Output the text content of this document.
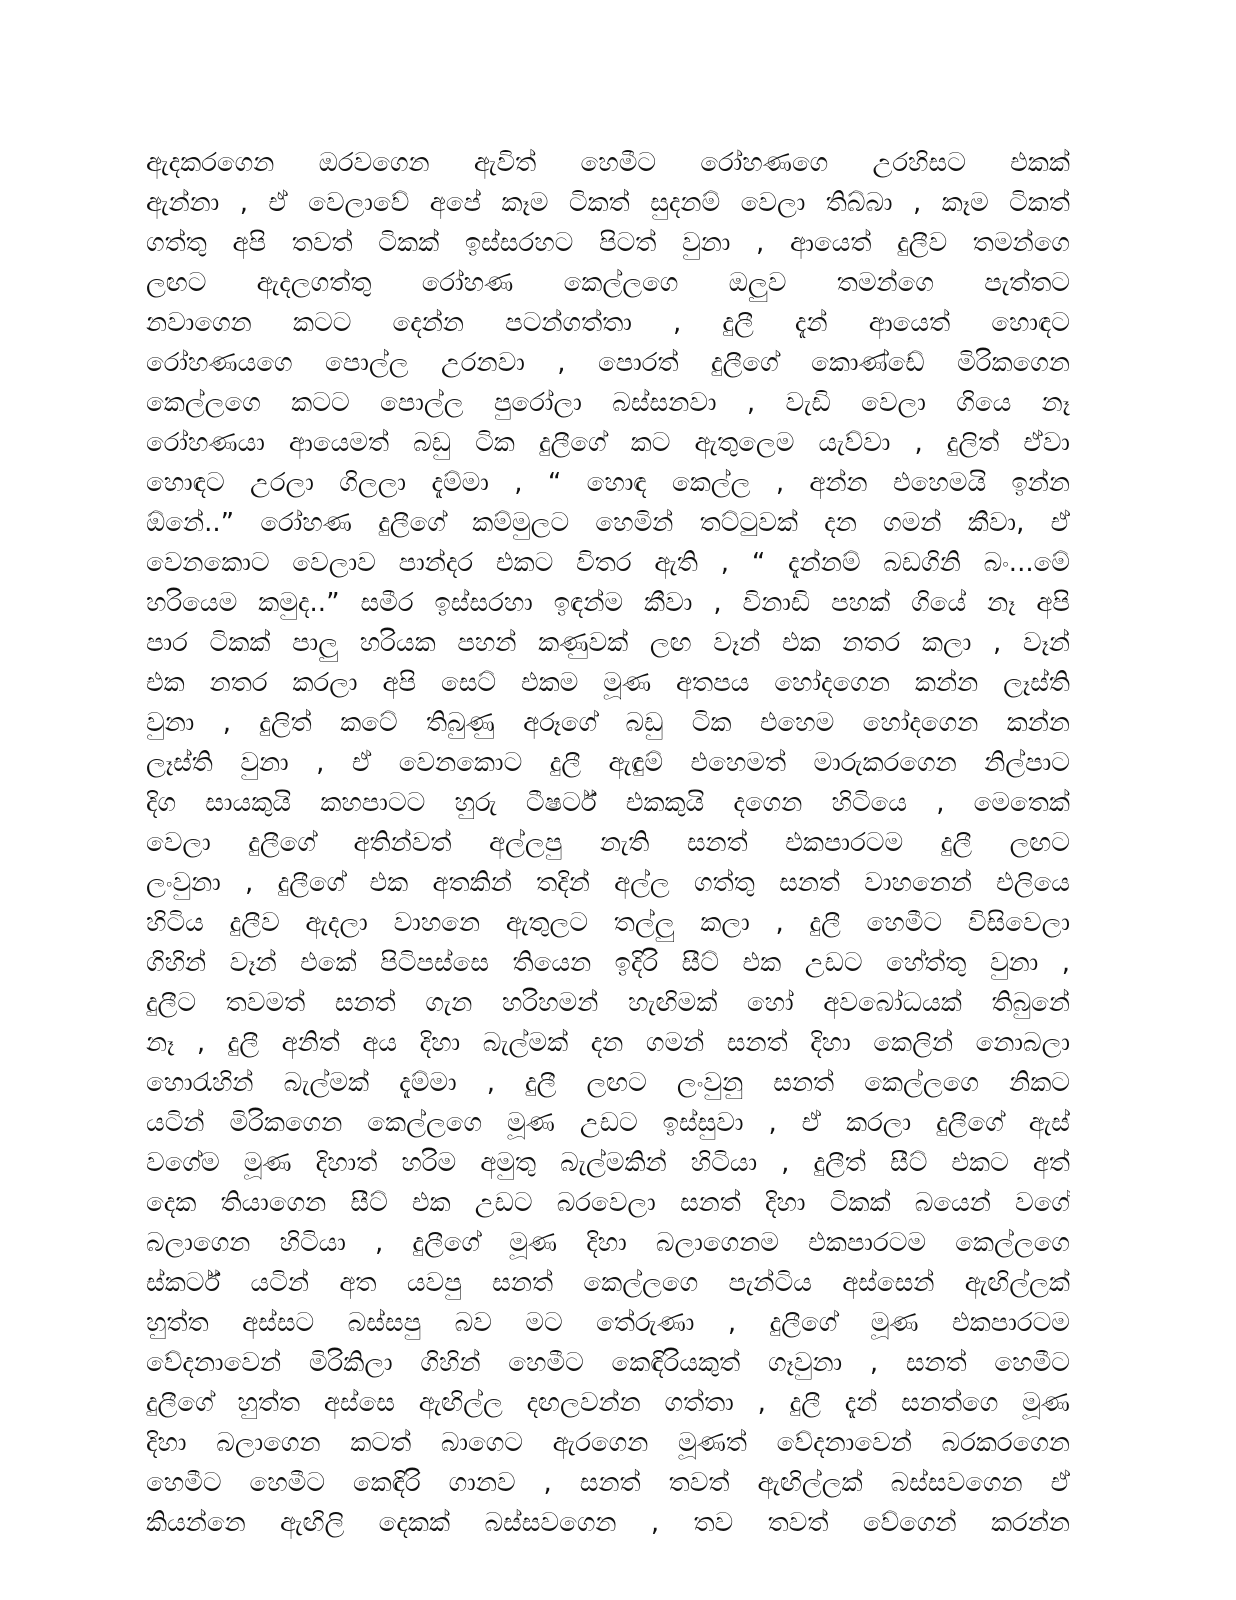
ඇදකරගෙන ඔරවගෙන ඇවිත් හෙමීට රෝහණගෙ උරහිසට එකක්
ඇන්නා , ඒ වෙලාවේ අපේ කෑම ටිකත් සුදනම් වෙලා තිබ්බා , කෑම ටිකත්
ගත්තු අපි තවත් ටිකක් ඉස්සරහට පිටත් වුනා , ආයෙත් දුලීව තමන්ගෙ
ලඟට ඇදලගත්තු රෝහණ කෙල්ලගෙ ඔලුව තමන්ගෙ පැත්තට
නවාගෙන කටට දෙන්න පටන්ගත්තා , දුලී දැන් ආයෙත් හොඳට
රෝහණයගෙ පොල්ල උරනවා , පොරත් දුලීගේ කොණ්ඩේ මිරිකගෙන
කෙල්ලගෙ කටට පොල්ල පුරෝලා බස්සනවා , වැඩි වෙලා ගියෙ නෑ
රෝහණයා ආයෙමත් බඩු ටික දුලීගේ කට ඇතුලෙම යැව්වා , දුලිත් ඒවා
හොඳට උරලා ගිලලා දැම්මා , “ හොඳ කෙල්ල , අන්න එහෙමයි ඉන්න
ඕනේ..” රෝහණ දුලීගේ කම්මුලට හෙමින් තට්ටුවක් දන ගමන් කීවා, ඒ
වෙනකොට වෙලාව පාන්දර එකට විතර ඇති , “ දැන්නම් බඩගිනි බං...මේ
හරියෙම කමුද..” සමීර ඉස්සරහා ඉඳන්ම කීවා , විනාඩි පහක් ගියේ නෑ අපි
පාර ටිකක් පාලු හරියක පහන් කණුවක් ලඟ වෑන් එක නතර කලා , වෑන්
එක නතර කරලා අපි සෙට් එකම මූණ අතපය හෝදගෙන කන්න ලෑස්ති
වුනා , දුලිත් කටේ තිබුණු අරූගේ බඩු ටික එහෙම හෝදගෙන කන්න
ලෑස්ති වුනා , ඒ වෙනකොට දුලී ඇඳුම් එහෙමත් මාරුකරගෙන නිල්පාට
දිග සායකුයි කහපාටට හුරු ටීෂර්ට් එකකුයි දගෙන හිටියෙ , මෙතෙක්
වෙලා දුලීගේ අතින්වත් අල්ලපු නැති සනත් එකපාරටම දුලී ලඟට
ලංවුනා , දුලීගේ එක අතකින් තදින් අල්ල ගත්තු සනත් වාහනෙන් එලියෙ
හිටිය දුලීව ඇදලා වාහනෙ ඇතුලට තල්ලු කලා , දුලී හෙමීට විසිවෙලා
ගිහින් වෑන් එකේ පිටිපස්සෙ තියෙන ඉදිරි සීට් එක උඩට හේත්තු වුනා ,
දුලීට තවමත් සනත් ගැන හරිහමන් හැඟිමක් හෝ අවබෝධයක් තිබුනේ
නෑ , දුලී අනිත් අය දිහා බැල්මක් දන ගමන් සනත් දිහා කෙලින් නොබලා
හොරැහින් බැල්මක් දැම්මා , දුලී ලඟට ලංවුනු සනත් කෙල්ලගෙ නිකට
යටින් මිරිකගෙන කෙල්ලගෙ මූණ උඩට ඉස්සුවා , ඒ කරලා දුලීගේ ඇස්
වගේම මූණ දිහාත් හරිම අමුතු බැල්මකින් හිටියා , දුලීත් සීට් එකට අත්
දෙක තියාගෙන සීට් එක උඩට බරවෙලා සනත් දිහා ටිකක් බයෙන් වගේ
බලාගෙන හිටියා , දුලීගේ මූණ දිහා බලාගෙනම එකපාරටම කෙල්ලගෙ
ස්කර්ට් යටින් අත යවපු සනත් කෙල්ලගෙ පැන්ටිය අස්සෙන් ඇඟිල්ලක්
හුත්ත අස්සට බස්සපු බව මට තේරුණා , දුලීගේ මූණ එකපාරටම
වේදනාවෙන් මිරිකිලා ගිහින් හෙමීට කෙඳිරියකුත් ගෑවුනා , සනත් හෙමීට
දුලීගේ හුත්ත අස්සෙ ඇඟිල්ල දඟලවන්න ගත්තා , දුලී දැන් සනත්ගෙ මූණ
දිහා බලාගෙන කටත් බාගෙට ඇරගෙන මූණත් වේදනාවෙන් බරකරගෙන
හෙමීට හෙමීට කෙඳිරි ගානව , සනත් තවත් ඇඟිල්ලක් බස්සවගෙන ඒ
කියන්නෙ ඇඟිලි දෙකක් බස්සවගෙන , තව තවත් වේගෙන් කරන්න
